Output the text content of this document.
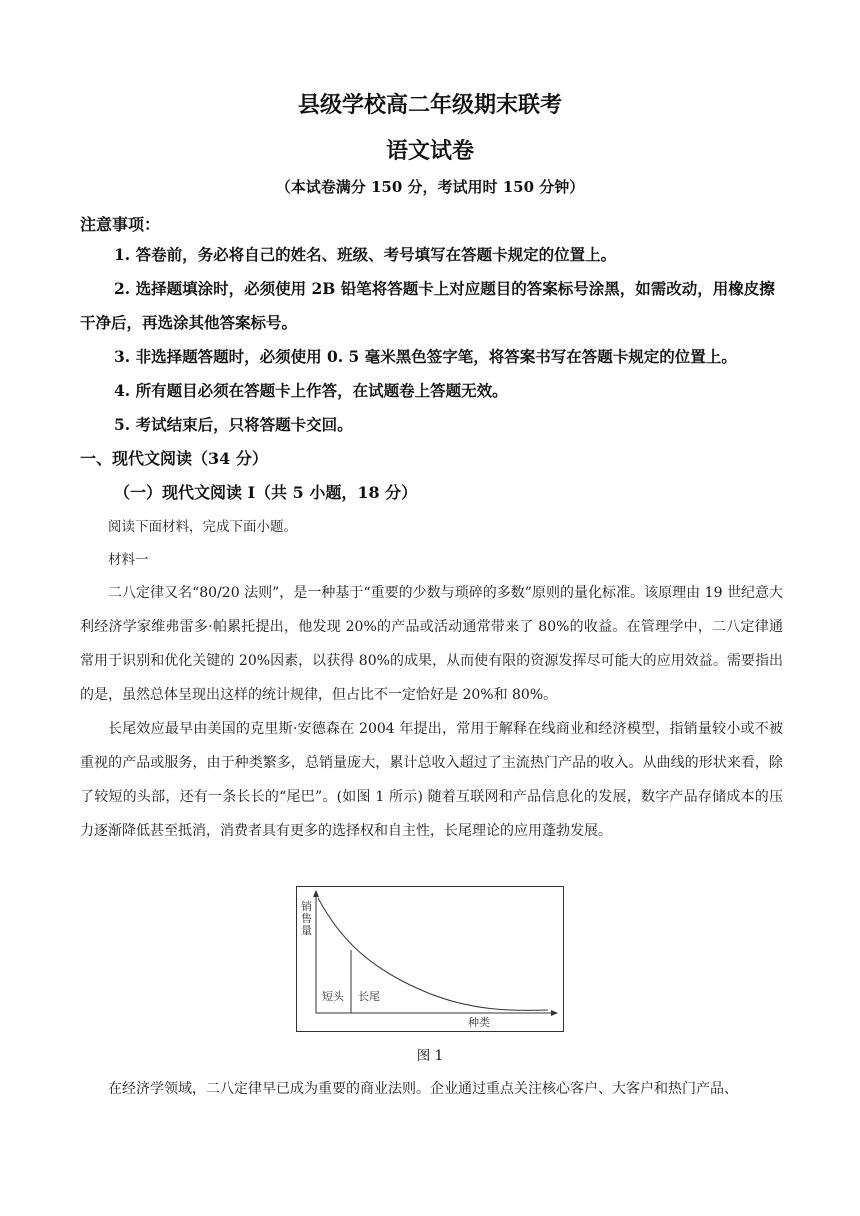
县级学校高二年级期末联考
语文试卷
（本试卷满分 150 分，考试用时 150 分钟）
注意事项：
1. 答卷前，务必将自己的姓名、班级、考号填写在答题卡规定的位置上。
2. 选择题填涂时，必须使用 2B 铅笔将答题卡上对应题目的答案标号涂黑，如需改动，用橡皮擦干净后，再选涂其他答案标号。
3. 非选择题答题时，必须使用 0. 5 毫米黑色签字笔，将答案书写在答题卡规定的位置上。
4. 所有题目必须在答题卡上作答，在试题卷上答题无效。
5. 考试结束后，只将答题卡交回。
一、现代文阅读（34 分）
（一）现代文阅读 I（共 5 小题，18 分）
阅读下面材料，完成下面小题。
材料一
二八定律又名“80/20 法则”，是一种基于“重要的少数与琐碎的多数”原则的量化标准。该原理由 19 世纪意大利经济学家维弗雷多·帕累托提出，他发现 20%的产品或活动通常带来了 80%的收益。在管理学中，二八定律通常用于识别和优化关键的 20%因素，以获得 80%的成果，从而使有限的资源发挥尽可能大的应用效益。需要指出的是，虽然总体呈现出这样的统计规律，但占比不一定恰好是 20%和 80%。
长尾效应最早由美国的克里斯·安德森在 2004 年提出，常用于解释在线商业和经济模型，指销量较小或不被重视的产品或服务，由于种类繁多，总销量庞大，累计总收入超过了主流热门产品的收入。从曲线的形状来看，除了较短的头部，还有一条长长的“尾巴”。(如图 1 所示) 随着互联网和产品信息化的发展，数字产品存储成本的压力逐渐降低甚至抵消，消费者具有更多的选择权和自主性，长尾理论的应用蓬勃发展。
销
售
量
短头 长尾
种类
图 1
在经济学领域，二八定律早已成为重要的商业法则。企业通过重点关注核心客户、大客户和热门产品、
